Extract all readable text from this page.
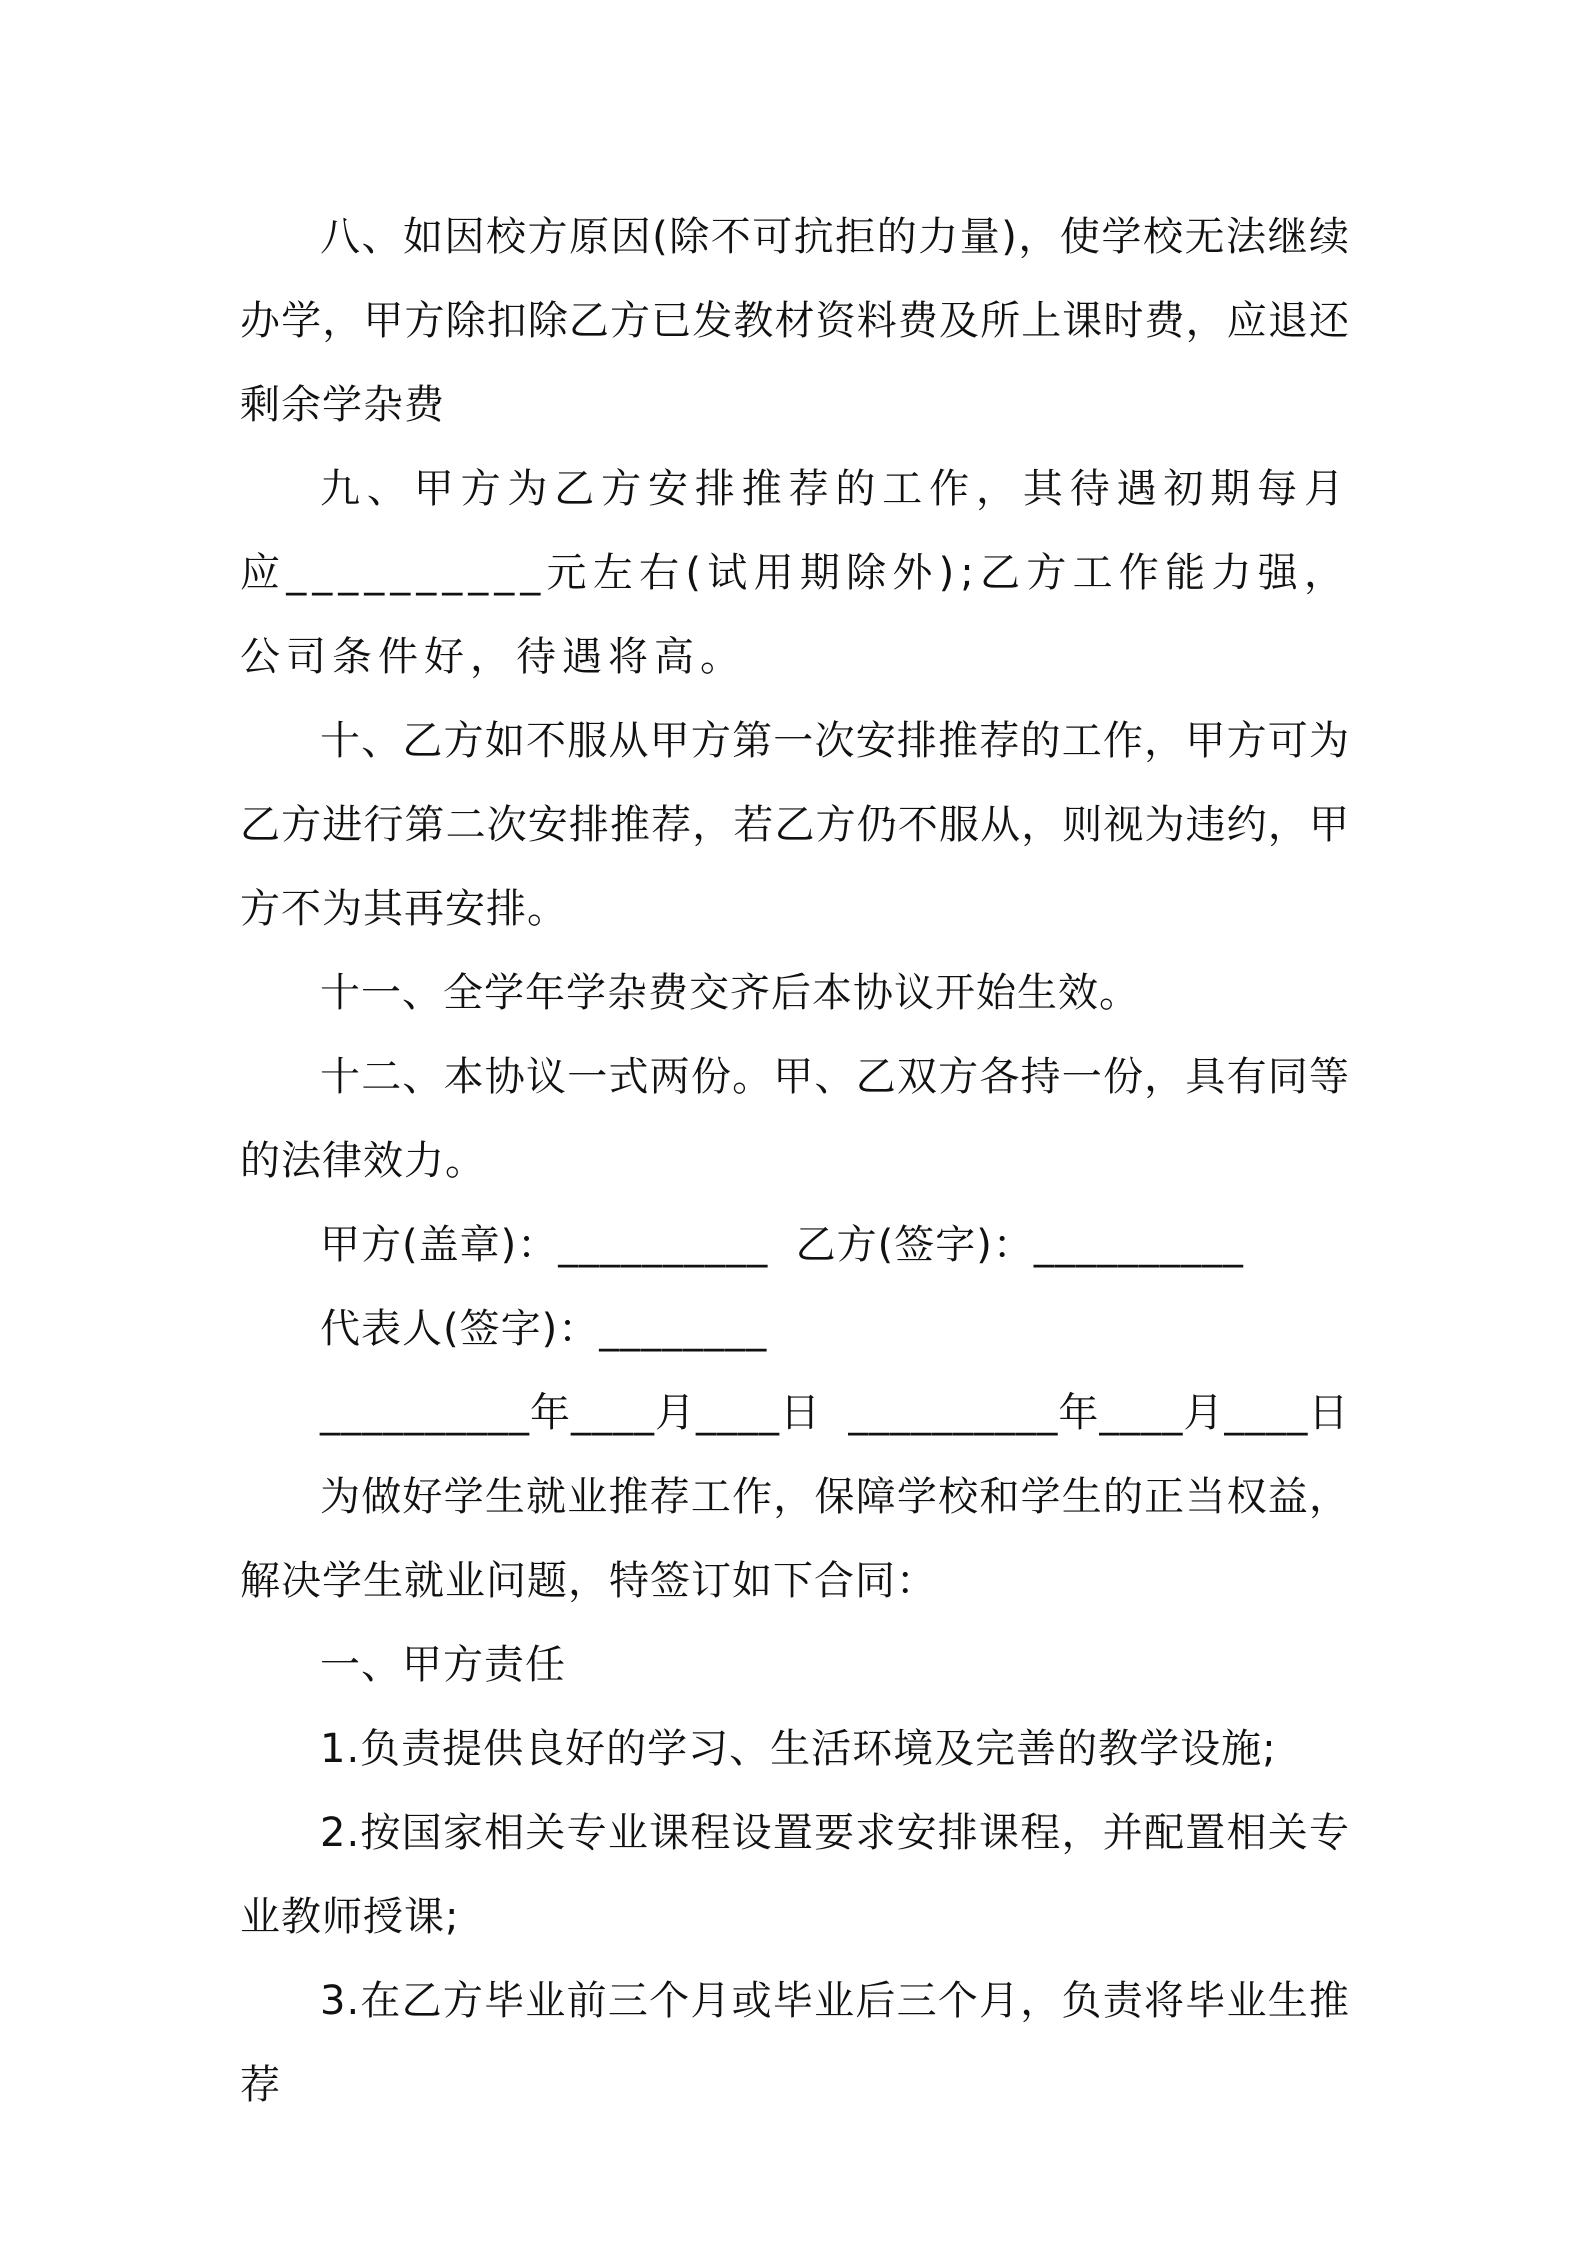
八、如因校方原因(除不可抗拒的力量)，使学校无法继续办学，甲方除扣除乙方已发教材资料费及所上课时费，应退还剩余学杂费

九、甲方为乙方安排推荐的工作，其待遇初期每月应__________元左右(试用期除外);乙方工作能力强，公司条件好，待遇将高。

十、乙方如不服从甲方第一次安排推荐的工作，甲方可为乙方进行第二次安排推荐，若乙方仍不服从，则视为违约，甲方不为其再安排。

十一、全学年学杂费交齐后本协议开始生效。

十二、本协议一式两份。甲、乙双方各持一份，具有同等的法律效力。

甲方(盖章)：__________  乙方(签字)：__________

代表人(签字)：________

__________年____月____日  __________年____月____日

为做好学生就业推荐工作，保障学校和学生的正当权益，解决学生就业问题，特签订如下合同：

一、甲方责任

1.负责提供良好的学习、生活环境及完善的教学设施;

2.按国家相关专业课程设置要求安排课程，并配置相关专业教师授课;

3.在乙方毕业前三个月或毕业后三个月，负责将毕业生推荐
